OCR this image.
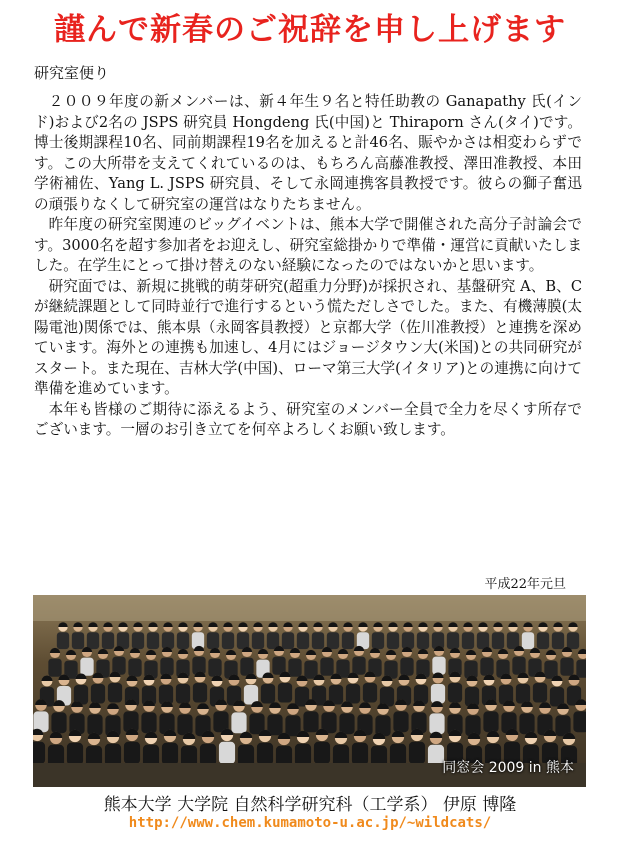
謹んで新春のご祝辞を申し上げます
研究室便り

２００９年度の新メンバーは、新４年生９名と特任助教の Ganapathy 氏(インド)および2名の JSPS 研究員 Hongdeng 氏(中国)と Thiraporn さん(タイ)です。博士後期課程10名、同前期課程19名を加えると計46名、賑やかさは相変わらずです。この大所帯を支えてくれているのは、もちろん高藤准教授、澤田准教授、本田学術補佐、Yang L. JSPS 研究員、そして永岡連携客員教授です。彼らの獅子奮迅の頑張りなくして研究室の運営はなりたちません。

昨年度の研究室関連のビッグイベントは、熊本大学で開催された高分子討論会です。3000名を超す参加者をお迎えし、研究室総掛かりで準備・運営に貢献いたしました。在学生にとって掛け替えのない経験になったのではないかと思います。

研究面では、新規に挑戦的萌芽研究(超重力分野)が採択され、基盤研究 A、B、C が継続課題として同時並行で進行するという慌ただしさでした。また、有機薄膜(太陽電池)関係では、熊本県（永岡客員教授）と京都大学（佐川准教授）と連携を深めています。海外との連携も加速し、4月にはジョージタウン大(米国)との共同研究がスタート。また現在、吉林大学(中国)、ローマ第三大学(イタリア)との連携に向けて準備を進めています。

本年も皆様のご期待に添えるよう、研究室のメンバー全員で全力を尽くす所存でございます。一層のお引き立てを何卒よろしくお願い致します。

平成22年元旦
同窓会 2009 in 熊本
熊本大学 大学院 自然科学研究科（工学系） 伊原 博隆
http://www.chem.kumamoto-u.ac.jp/~wildcats/
